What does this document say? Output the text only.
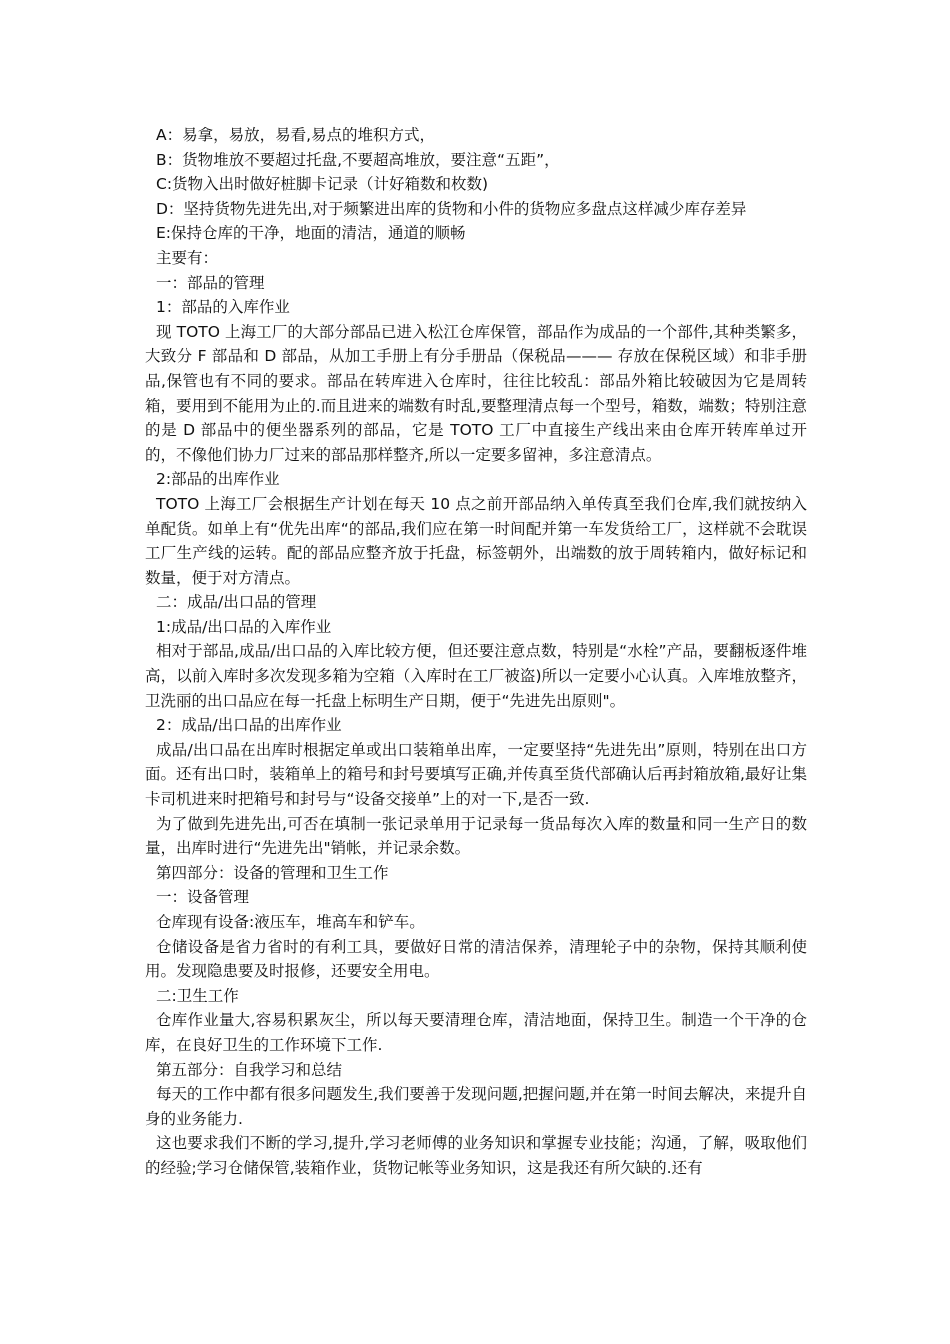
A：易拿，易放，易看,易点的堆积方式，

B：货物堆放不要超过托盘,不要超高堆放，要注意“五距”，

C:货物入出时做好桩脚卡记录（计好箱数和枚数)

D：坚持货物先进先出,对于频繁进出库的货物和小件的货物应多盘点这样减少库存差异

E:保持仓库的干净，地面的清洁，通道的顺畅

主要有：

一：部品的管理

1：部品的入库作业

现 TOTO 上海工厂的大部分部品已进入松江仓库保管，部品作为成品的一个部件,其种类繁多，大致分 F 部品和 D 部品，从加工手册上有分手册品（保税品——— 存放在保税区域）和非手册品,保管也有不同的要求。部品在转库进入仓库时，往往比较乱：部品外箱比较破因为它是周转箱，要用到不能用为止的.而且进来的端数有时乱,要整理清点每一个型号，箱数，端数；特别注意的是 D 部品中的便坐器系列的部品，它是 TOTO 工厂中直接生产线出来由仓库开转库单过开的，不像他们协力厂过来的部品那样整齐,所以一定要多留神，多注意清点。

2:部品的出库作业

TOTO 上海工厂会根据生产计划在每天 10 点之前开部品纳入单传真至我们仓库,我们就按纳入单配货。如单上有“优先出库“的部品,我们应在第一时间配并第一车发货给工厂，这样就不会耽误工厂生产线的运转。配的部品应整齐放于托盘，标签朝外，出端数的放于周转箱内，做好标记和数量，便于对方清点。

二：成品/出口品的管理

1:成品/出口品的入库作业

相对于部品,成品/出口品的入库比较方便，但还要注意点数，特别是“水栓”产品，要翻板逐件堆高，以前入库时多次发现多箱为空箱（入库时在工厂被盗)所以一定要小心认真。入库堆放整齐，卫洗丽的出口品应在每一托盘上标明生产日期，便于“先进先出原则"。

2：成品/出口品的出库作业

成品/出口品在出库时根据定单或出口装箱单出库，一定要坚持“先进先出”原则，特别在出口方面。还有出口时，装箱单上的箱号和封号要填写正确,并传真至货代部确认后再封箱放箱,最好让集卡司机进来时把箱号和封号与“设备交接单”上的对一下,是否一致.

为了做到先进先出,可否在填制一张记录单用于记录每一货品每次入库的数量和同一生产日的数量，出库时进行“先进先出"销帐，并记录余数。

第四部分：设备的管理和卫生工作

一：设备管理

仓库现有设备:液压车，堆高车和铲车。

仓储设备是省力省时的有利工具，要做好日常的清洁保养，清理轮子中的杂物，保持其顺利使用。发现隐患要及时报修，还要安全用电。

二:卫生工作

仓库作业量大,容易积累灰尘，所以每天要清理仓库，清洁地面，保持卫生。制造一个干净的仓库，在良好卫生的工作环境下工作.

第五部分：自我学习和总结

每天的工作中都有很多问题发生,我们要善于发现问题,把握问题,并在第一时间去解决，来提升自身的业务能力.

这也要求我们不断的学习,提升,学习老师傅的业务知识和掌握专业技能；沟通，了解，吸取他们的经验;学习仓储保管,装箱作业，货物记帐等业务知识，这是我还有所欠缺的.还有
